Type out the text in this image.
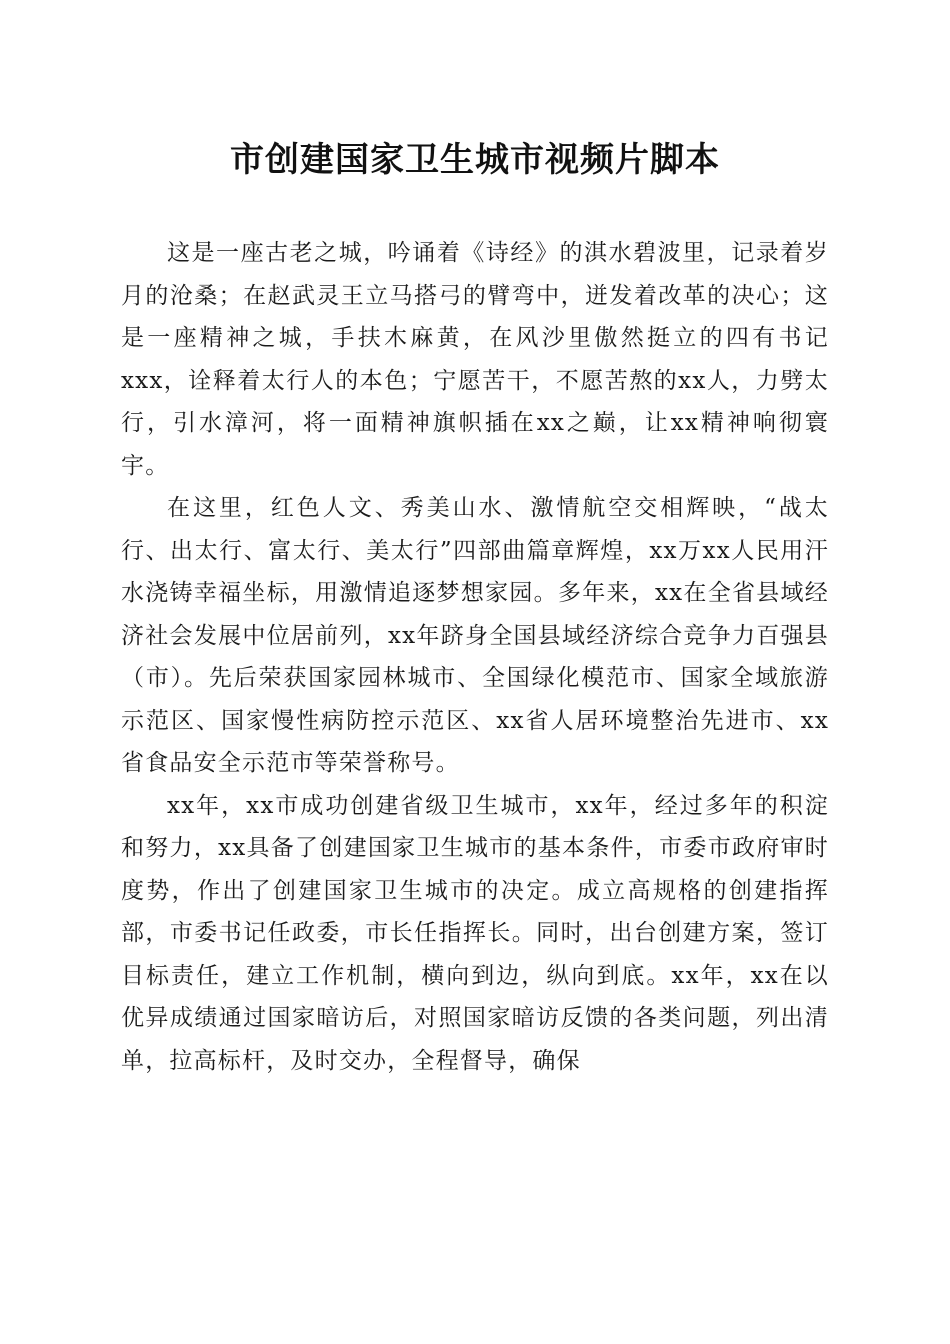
市创建国家卫生城市视频片脚本

这是一座古老之城，吟诵着《诗经》的淇水碧波里，记录着岁月的沧桑；在赵武灵王立马搭弓的臂弯中，迸发着改革的决心；这是一座精神之城，手扶木麻黄，在风沙里傲然挺立的四有书记xxx，诠释着太行人的本色；宁愿苦干，不愿苦熬的xx人，力劈太行，引水漳河，将一面精神旗帜插在xx之巅，让xx精神响彻寰宇。

在这里，红色人文、秀美山水、激情航空交相辉映，“战太行、出太行、富太行、美太行”四部曲篇章辉煌，xx万xx人民用汗水浇铸幸福坐标，用激情追逐梦想家园。多年来，xx在全省县域经济社会发展中位居前列，xx年跻身全国县域经济综合竞争力百强县（市）。先后荣获国家园林城市、全国绿化模范市、国家全域旅游示范区、国家慢性病防控示范区、xx省人居环境整治先进市、xx省食品安全示范市等荣誉称号。

xx年，xx市成功创建省级卫生城市，xx年，经过多年的积淀和努力，xx具备了创建国家卫生城市的基本条件，市委市政府审时度势，作出了创建国家卫生城市的决定。成立高规格的创建指挥部，市委书记任政委，市长任指挥长。同时，出台创建方案，签订目标责任，建立工作机制，横向到边，纵向到底。xx年，xx在以优异成绩通过国家暗访后，对照国家暗访反馈的各类问题，列出清单，拉高标杆，及时交办，全程督导，确保
